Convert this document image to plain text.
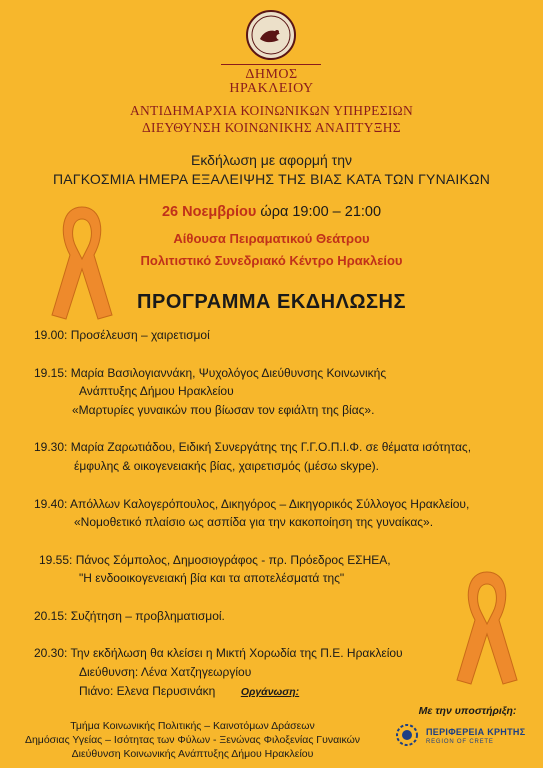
ΔΗΜΟΣ
ΗΡΑΚΛΕΙΟΥ
ΑΝΤΙΔΗΜΑΡΧΙΑ ΚΟΙΝΩΝΙΚΩΝ ΥΠΗΡΕΣΙΩΝ
ΔΙΕΥΘΥΝΣΗ ΚΟΙΝΩΝΙΚΗΣ ΑΝΑΠΤΥΞΗΣ
Εκδήλωση με αφορμή την
ΠΑΓΚΟΣΜΙΑ ΗΜΕΡΑ ΕΞΑΛΕΙΨΗΣ ΤΗΣ ΒΙΑΣ ΚΑΤΑ ΤΩΝ ΓΥΝΑΙΚΩΝ
26 Νοεμβρίου ώρα 19:00 – 21:00
Αίθουσα Πειραματικού Θεάτρου
Πολιτιστικό Συνεδριακό Κέντρο Ηρακλείου
ΠΡΟΓΡΑΜΜΑ ΕΚΔΗΛΩΣΗΣ
19.00: Προσέλευση – χαιρετισμοί
19.15: Μαρία Βασιλογιαννάκη, Ψυχολόγος Διεύθυνσης Κοινωνικής
Ανάπτυξης Δήμου Ηρακλείου
«Μαρτυρίες γυναικών που βίωσαν τον εφιάλτη της βίας».
19.30: Μαρία Ζαρωτιάδου, Ειδική Συνεργάτης της Γ.Γ.Ο.Π.Ι.Φ. σε θέματα ισότητας,
έμφυλης & οικογενειακής βίας, χαιρετισμός (μέσω skype).
19.40: Απόλλων Καλογερόπουλος, Δικηγόρος – Δικηγορικός Σύλλογος Ηρακλείου,
«Νομοθετικό πλαίσιο ως ασπίδα για την κακοποίηση της γυναίκας».
19.55: Πάνος Σόμπολος, Δημοσιογράφος - πρ. Πρόεδρος ΕΣΗΕΑ,
"Η ενδοοικογενειακή βία και τα αποτελέσματά της"
20.15: Συζήτηση – προβληματισμοί.
20.30: Την εκδήλωση θα κλείσει η Μικτή Χορωδία της Π.Ε. Ηρακλείου
Διεύθυνση: Λένα Χατζηγεωργίου
Πιάνο: Ελενα Περυσινάκη	Οργάνωση:
Τμήμα Κοινωνικής Πολιτικής – Καινοτόμων Δράσεων
Δημόσιας Υγείας – Ισότητας των Φύλων - Ξενώνας Φιλοξενίας Γυναικών
Διεύθυνση Κοινωνικής Ανάπτυξης Δήμου Ηρακλείου
Με την υποστήριξη:
ΠΕΡΙΦΕΡΕΙΑ ΚΡΗΤΗΣ
REGION OF CRETE
